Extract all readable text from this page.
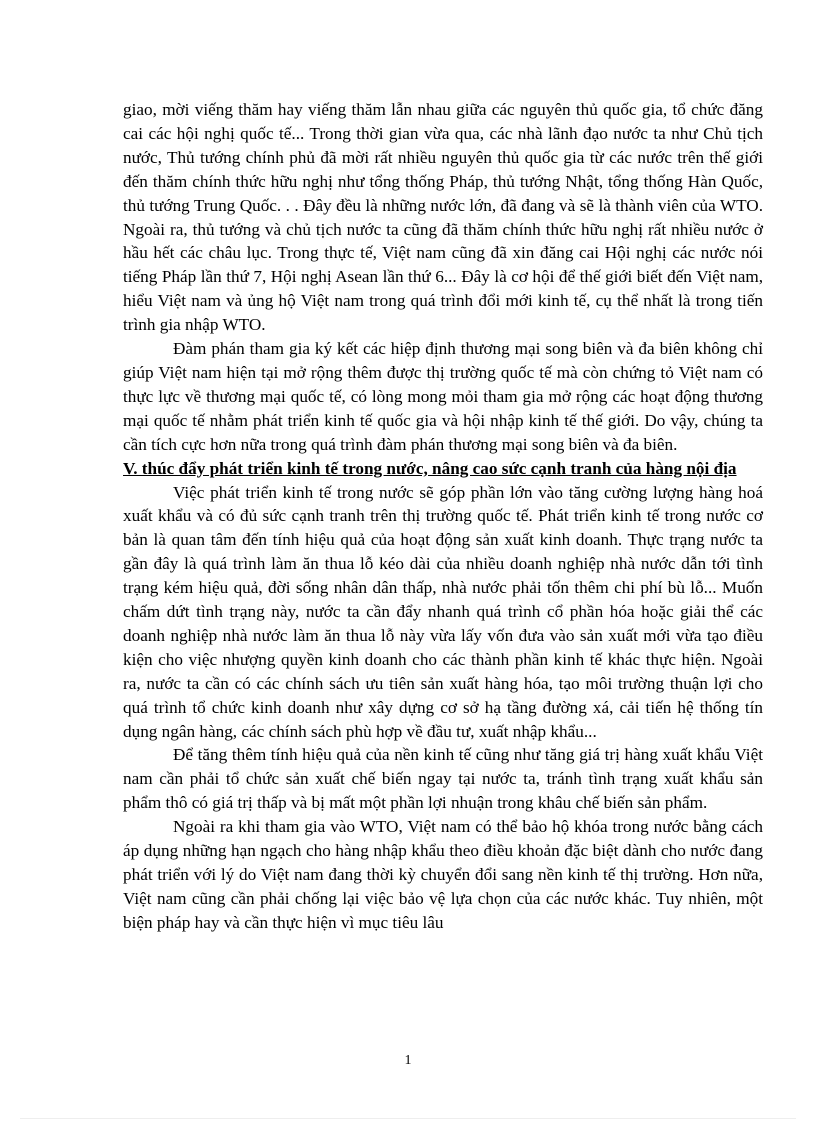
giao, mời viếng thăm hay viếng thăm lẫn nhau giữa các nguyên thủ quốc gia, tổ chức đăng cai các hội nghị quốc tế... Trong thời gian vừa qua, các nhà lãnh đạo nước ta như Chủ tịch nước, Thủ tướng chính phủ đã mời rất nhiều nguyên thủ quốc gia từ các nước trên thế giới đến thăm chính thức hữu nghị như tổng thống Pháp, thủ tướng Nhật, tổng thống Hàn Quốc, thủ tướng Trung Quốc. . . Đây đều là những nước lớn, đã đang và sẽ là thành viên của WTO. Ngoài ra, thủ tướng và chủ tịch nước ta cũng đã thăm chính thức hữu nghị rất nhiều nước ở hầu hết các châu lục. Trong thực tế, Việt nam cũng đã xin đăng cai Hội nghị các nước nói tiếng Pháp lần thứ 7, Hội nghị Asean lần thứ 6... Đây là cơ hội để thế giới biết đến Việt nam, hiểu Việt nam và ủng hộ Việt nam trong quá trình đổi mới kinh tế, cụ thể nhất là trong tiến trình gia nhập WTO.

Đàm phán tham gia ký kết các hiệp định thương mại song biên và đa biên không chỉ giúp Việt nam hiện tại mở rộng thêm được thị trường quốc tế mà còn chứng tỏ Việt nam có thực lực về thương mại quốc tế, có lòng mong mỏi tham gia mở rộng các hoạt động thương mại quốc tế nhằm phát triển kinh tế quốc gia và hội nhập kinh tế thế giới. Do vậy, chúng ta cần tích cực hơn nữa trong quá trình đàm phán thương mại song biên và đa biên.

V. thúc đẩy phát triển kinh tế trong nước, nâng cao sức cạnh tranh của hàng nội địa

Việc phát triển kinh tế trong nước sẽ góp phần lớn vào tăng cường lượng hàng hoá xuất khẩu và có đủ sức cạnh tranh trên thị trường quốc tế. Phát triển kinh tế trong nước cơ bản là quan tâm đến tính hiệu quả của hoạt động sản xuất kinh doanh. Thực trạng nước ta gần đây là quá trình làm ăn thua lỗ kéo dài của nhiều doanh nghiệp nhà nước dẫn tới tình trạng kém hiệu quả, đời sống nhân dân thấp, nhà nước phải tốn thêm chi phí bù lỗ... Muốn chấm dứt tình trạng này, nước ta cần đẩy nhanh quá trình cổ phần hóa hoặc giải thể các doanh nghiệp nhà nước làm ăn thua lỗ này vừa lấy vốn đưa vào sản xuất mới vừa tạo điều kiện cho việc nhượng quyền kinh doanh cho các thành phần kinh tế khác thực hiện. Ngoài ra, nước ta cần có các chính sách ưu tiên sản xuất hàng hóa, tạo môi trường thuận lợi cho quá trình tổ chức kinh doanh như xây dựng cơ sở hạ tầng đường xá, cải tiến hệ thống tín dụng ngân hàng, các chính sách phù hợp về đầu tư, xuất nhập khẩu...

Để tăng thêm tính hiệu quả của nền kinh tế cũng như tăng giá trị hàng xuất khẩu Việt nam cần phải tổ chức sản xuất chế biến ngay tại nước ta, tránh tình trạng xuất khẩu sản phẩm thô có giá trị thấp và bị mất một phần lợi nhuận trong khâu chế biến sản phẩm.

Ngoài ra khi tham gia vào WTO, Việt nam có thể bảo hộ khóa trong nước bằng cách áp dụng những hạn ngạch cho hàng nhập khẩu theo điều khoản đặc biệt dành cho nước đang phát triển với lý do Việt nam đang thời kỳ chuyển đổi sang nền kinh tế thị trường. Hơn nữa, Việt nam cũng cần phải chống lại việc bảo vệ lựa chọn của các nước khác. Tuy nhiên, một biện pháp hay và cần thực hiện vì mục tiêu lâu

1
